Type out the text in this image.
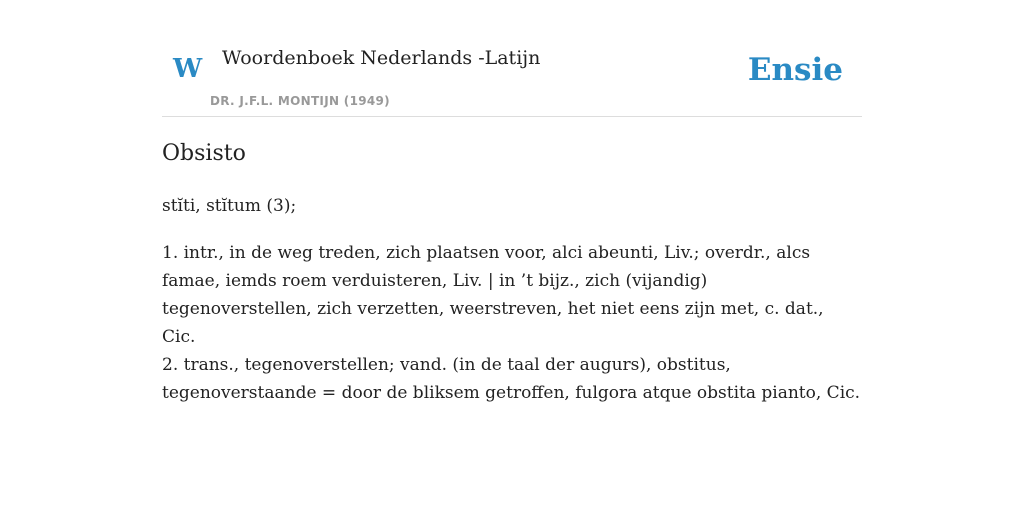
W Woordenboek Nederlands -Latijn
DR. J.F.L. MONTIJN (1949)
Ensie
Obsisto

stĭti, stĭtum (3);

1. intr., in de weg treden, zich plaatsen voor, alci abeunti, Liv.; overdr., alcs famae, iemds roem verduisteren, Liv. | in ’t bijz., zich (vijandig) tegenoverstellen, zich verzetten, weerstreven, het niet eens zijn met, c. dat., Cic.
2. trans., tegenoverstellen; vand. (in de taal der augurs), obstitus, tegenoverstaande = door de bliksem getroffen, fulgora atque obstita pianto, Cic.
